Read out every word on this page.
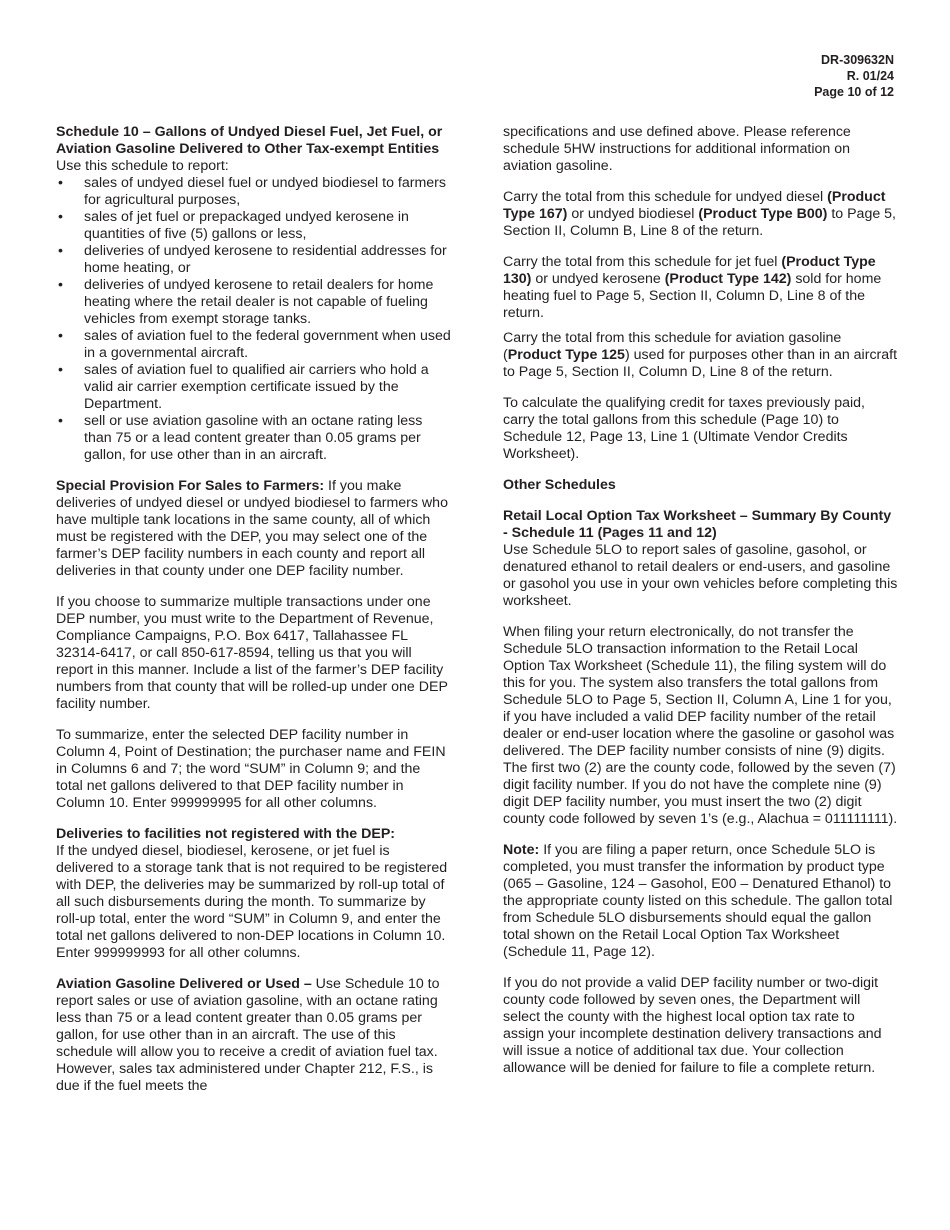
DR-309632N
R. 01/24
Page 10 of 12
Schedule 10 – Gallons of Undyed Diesel Fuel, Jet Fuel, or Aviation Gasoline Delivered to Other Tax-exempt Entities
Use this schedule to report:
• sales of undyed diesel fuel or undyed biodiesel to farmers for agricultural purposes,
• sales of jet fuel or prepackaged undyed kerosene in quantities of five (5) gallons or less,
• deliveries of undyed kerosene to residential addresses for home heating, or
• deliveries of undyed kerosene to retail dealers for home heating where the retail dealer is not capable of fueling vehicles from exempt storage tanks.
• sales of aviation fuel to the federal government when used in a governmental aircraft.
• sales of aviation fuel to qualified air carriers who hold a valid air carrier exemption certificate issued by the Department.
• sell or use aviation gasoline with an octane rating less than 75 or a lead content greater than 0.05 grams per gallon, for use other than in an aircraft.

Special Provision For Sales to Farmers: If you make deliveries of undyed diesel or undyed biodiesel to farmers who have multiple tank locations in the same county, all of which must be registered with the DEP, you may select one of the farmer’s DEP facility numbers in each county and report all deliveries in that county under one DEP facility number.

If you choose to summarize multiple transactions under one DEP number, you must write to the Department of Revenue, Compliance Campaigns, P.O. Box 6417, Tallahassee FL 32314-6417, or call 850-617-8594, telling us that you will report in this manner. Include a list of the farmer’s DEP facility numbers from that county that will be rolled-up under one DEP facility number.

To summarize, enter the selected DEP facility number in Column 4, Point of Destination; the purchaser name and FEIN in Columns 6 and 7; the word “SUM” in Column 9; and the total net gallons delivered to that DEP facility number in Column 10. Enter 999999995 for all other columns.

Deliveries to facilities not registered with the DEP:
If the undyed diesel, biodiesel, kerosene, or jet fuel is delivered to a storage tank that is not required to be registered with DEP, the deliveries may be summarized by roll-up total of all such disbursements during the month. To summarize by roll-up total, enter the word “SUM” in Column 9, and enter the total net gallons delivered to non-DEP locations in Column 10. Enter 999999993 for all other columns.

Aviation Gasoline Delivered or Used – Use Schedule 10 to report sales or use of aviation gasoline, with an octane rating less than 75 or a lead content greater than 0.05 grams per gallon, for use other than in an aircraft. The use of this schedule will allow you to receive a credit of aviation fuel tax. However, sales tax administered under Chapter 212, F.S., is due if the fuel meets the

specifications and use defined above. Please reference schedule 5HW instructions for additional information on aviation gasoline.

Carry the total from this schedule for undyed diesel (Product Type 167) or undyed biodiesel (Product Type B00) to Page 5, Section II, Column B, Line 8 of the return.

Carry the total from this schedule for jet fuel (Product Type 130) or undyed kerosene (Product Type 142) sold for home heating fuel to Page 5, Section II, Column D, Line 8 of the return.

Carry the total from this schedule for aviation gasoline (Product Type 125) used for purposes other than in an aircraft to Page 5, Section II, Column D, Line 8 of the return.

To calculate the qualifying credit for taxes previously paid, carry the total gallons from this schedule (Page 10) to Schedule 12, Page 13, Line 1 (Ultimate Vendor Credits Worksheet).

Other Schedules

Retail Local Option Tax Worksheet – Summary By County - Schedule 11 (Pages 11 and 12)
Use Schedule 5LO to report sales of gasoline, gasohol, or denatured ethanol to retail dealers or end-users, and gasoline or gasohol you use in your own vehicles before completing this worksheet.

When filing your return electronically, do not transfer the Schedule 5LO transaction information to the Retail Local Option Tax Worksheet (Schedule 11), the filing system will do this for you. The system also transfers the total gallons from Schedule 5LO to Page 5, Section II, Column A, Line 1 for you, if you have included a valid DEP facility number of the retail dealer or end-user location where the gasoline or gasohol was delivered. The DEP facility number consists of nine (9) digits. The first two (2) are the county code, followed by the seven (7) digit facility number. If you do not have the complete nine (9) digit DEP facility number, you must insert the two (2) digit county code followed by seven 1’s (e.g., Alachua = 011111111).

Note: If you are filing a paper return, once Schedule 5LO is completed, you must transfer the information by product type (065 – Gasoline, 124 – Gasohol, E00 – Denatured Ethanol) to the appropriate county listed on this schedule. The gallon total from Schedule 5LO disbursements should equal the gallon total shown on the Retail Local Option Tax Worksheet (Schedule 11, Page 12).

If you do not provide a valid DEP facility number or two-digit county code followed by seven ones, the Department will select the county with the highest local option tax rate to assign your incomplete destination delivery transactions and will issue a notice of additional tax due. Your collection allowance will be denied for failure to file a complete return.
